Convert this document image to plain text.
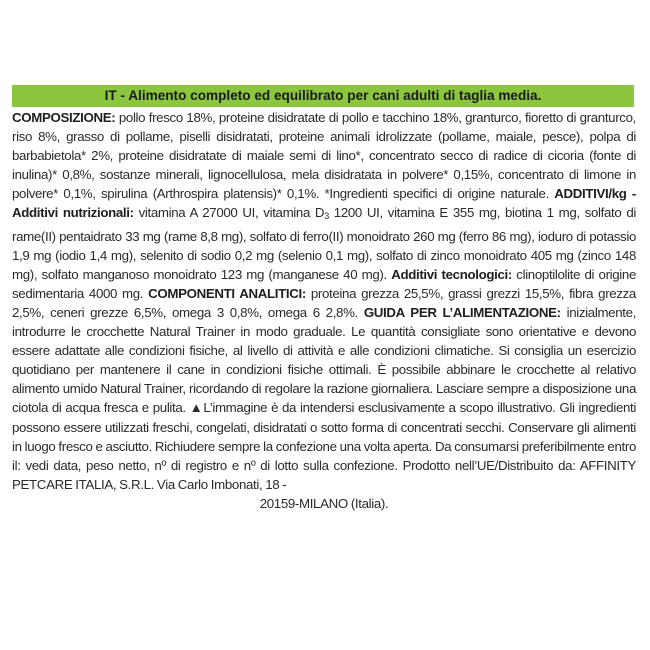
IT - Alimento completo ed equilibrato per cani adulti di taglia media.

COMPOSIZIONE: pollo fresco 18%, proteine disidratate di pollo e tacchino 18%, granturco, fioretto di granturco, riso 8%, grasso di pollame, piselli disidratati, proteine animali idrolizzate (pollame, maiale, pesce), polpa di barbabietola* 2%, proteine disidratate di maiale semi di lino*, concentrato secco di radice di cicoria (fonte di inulina)* 0,8%, sostanze minerali, lignocellulosa, mela disidratata in polvere* 0,15%, concentrato di limone in polvere* 0,1%, spirulina (Arthrospira platensis)* 0,1%. *Ingredienti specifici di origine naturale. ADDITIVI/kg - Additivi nutrizionali: vitamina A 27000 UI, vitamina $D_3$ 1200 UI, vitamina E 355 mg, biotina 1 mg, solfato di rame(II) pentaidrato 33 mg (rame 8,8 mg), solfato di ferro(II) monoidrato 260 mg (ferro 86 mg), ioduro di potassio 1,9 mg (iodio 1,4 mg), selenito di sodio 0,2 mg (selenio 0,1 mg), solfato di zinco monoidrato 405 mg (zinco 148 mg), solfato manganoso monoidrato 123 mg (manganese 40 mg). Additivi tecnologici: clinoptilolite di origine sedimentaria 4000 mg. COMPONENTI ANALITICI: proteina grezza 25,5%, grassi grezzi 15,5%, fibra grezza 2,5%, ceneri grezze 6,5%, omega 3 0,8%, omega 6 2,8%. GUIDA PER L’ALIMENTAZIONE: inizialmente, introdurre le crocchette Natural Trainer in modo graduale. Le quantità consigliate sono orientative e devono essere adattate alle condizioni fisiche, al livello di attività e alle condizioni climatiche. Si consiglia un esercizio quotidiano per mantenere il cane in condizioni fisiche ottimali. È possibile abbinare le crocchette al relativo alimento umido Natural Trainer, ricordando di regolare la razione giornaliera. Lasciare sempre a disposizione una ciotola di acqua fresca e pulita. ▲L’immagine è da intendersi esclusivamente a scopo illustrativo. Gli ingredienti possono essere utilizzati freschi, congelati, disidratati o sotto forma di concentrati secchi. Conservare gli alimenti in luogo fresco e asciutto. Richiudere sempre la confezione una volta aperta. Da consumarsi preferibilmente entro il: vedi data, peso netto, nº di registro e nº di lotto sulla confezione. Prodotto nell’UE/Distribuito da: AFFINITY PETCARE ITALIA, S.R.L. Via Carlo Imbonati, 18 -
20159-MILANO (Italia).
